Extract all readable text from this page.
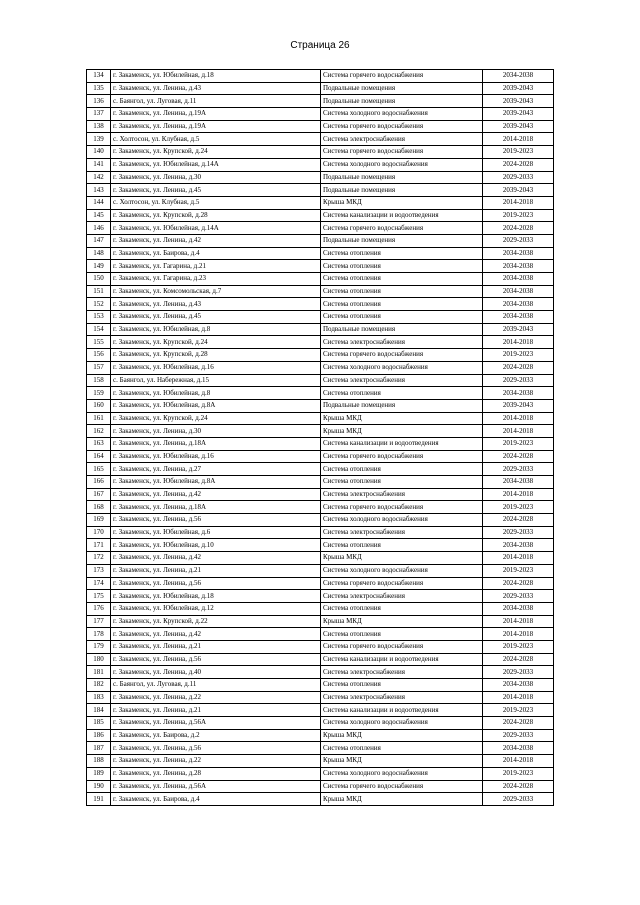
Страница 26
134	г. Закаменск, ул. Юбилейная, д.18	Система горячего водоснабжения	2034-2038
135	г. Закаменск, ул. Ленина, д.43	Подвальные помещения	2039-2043
136	с. Баянгол, ул. Луговая, д.11	Подвальные помещения	2039-2043
137	г. Закаменск, ул. Ленина, д.19А	Система холодного водоснабжения	2039-2043
138	г. Закаменск, ул. Ленина, д.19А	Система горячего водоснабжения	2039-2043
139	с. Холтосон, ул. Клубная, д.5	Система электроснабжения	2014-2018
140	г. Закаменск, ул. Крупской, д.24	Система горячего водоснабжения	2019-2023
141	г. Закаменск, ул. Юбилейная, д.14А	Система холодного водоснабжения	2024-2028
142	г. Закаменск, ул. Ленина, д.30	Подвальные помещения	2029-2033
143	г. Закаменск, ул. Ленина, д.45	Подвальные помещения	2039-2043
144	с. Холтосон, ул. Клубная, д.5	Крыша МКД	2014-2018
145	г. Закаменск, ул. Крупской, д.28	Система канализации и водоотведения	2019-2023
146	г. Закаменск, ул. Юбилейная, д.14А	Система горячего водоснабжения	2024-2028
147	г. Закаменск, ул. Ленина, д.42	Подвальные помещения	2029-2033
148	г. Закаменск, ул. Баирова, д.4	Система отопления	2034-2038
149	г. Закаменск, ул. Гагарина, д.21	Система отопления	2034-2038
150	г. Закаменск, ул. Гагарина, д.23	Система отопления	2034-2038
151	г. Закаменск, ул. Комсомольская, д.7	Система отопления	2034-2038
152	г. Закаменск, ул. Ленина, д.43	Система отопления	2034-2038
153	г. Закаменск, ул. Ленина, д.45	Система отопления	2034-2038
154	г. Закаменск, ул. Юбилейная, д.8	Подвальные помещения	2039-2043
155	г. Закаменск, ул. Крупской, д.24	Система электроснабжения	2014-2018
156	г. Закаменск, ул. Крупской, д.28	Система горячего водоснабжения	2019-2023
157	г. Закаменск, ул. Юбилейная, д.16	Система холодного водоснабжения	2024-2028
158	с. Баянгол, ул. Набережная, д.15	Система электроснабжения	2029-2033
159	г. Закаменск, ул. Юбилейная, д.8	Система отопления	2034-2038
160	г. Закаменск, ул. Юбилейная, д.8А	Подвальные помещения	2039-2043
161	г. Закаменск, ул. Крупской, д.24	Крыша МКД	2014-2018
162	г. Закаменск, ул. Ленина, д.30	Крыша МКД	2014-2018
163	г. Закаменск, ул. Ленина, д.18А	Система канализации и водоотведения	2019-2023
164	г. Закаменск, ул. Юбилейная, д.16	Система горячего водоснабжения	2024-2028
165	г. Закаменск, ул. Ленина, д.27	Система отопления	2029-2033
166	г. Закаменск, ул. Юбилейная, д.8А	Система отопления	2034-2038
167	г. Закаменск, ул. Ленина, д.42	Система электроснабжения	2014-2018
168	г. Закаменск, ул. Ленина, д.18А	Система горячего водоснабжения	2019-2023
169	г. Закаменск, ул. Ленина, д.56	Система холодного водоснабжения	2024-2028
170	г. Закаменск, ул. Юбилейная, д.6	Система электроснабжения	2029-2033
171	г. Закаменск, ул. Юбилейная, д.10	Система отопления	2034-2038
172	г. Закаменск, ул. Ленина, д.42	Крыша МКД	2014-2018
173	г. Закаменск, ул. Ленина, д.21	Система холодного водоснабжения	2019-2023
174	г. Закаменск, ул. Ленина, д.56	Система горячего водоснабжения	2024-2028
175	г. Закаменск, ул. Юбилейная, д.18	Система электроснабжения	2029-2033
176	г. Закаменск, ул. Юбилейная, д.12	Система отопления	2034-2038
177	г. Закаменск, ул. Крупской, д.22	Крыша МКД	2014-2018
178	г. Закаменск, ул. Ленина, д.42	Система отопления	2014-2018
179	г. Закаменск, ул. Ленина, д.21	Система горячего водоснабжения	2019-2023
180	г. Закаменск, ул. Ленина, д.56	Система канализации и водоотведения	2024-2028
181	г. Закаменск, ул. Ленина, д.40	Система электроснабжения	2029-2033
182	с. Баянгол, ул. Луговая, д.11	Система отопления	2034-2038
183	г. Закаменск, ул. Ленина, д.22	Система электроснабжения	2014-2018
184	г. Закаменск, ул. Ленина, д.21	Система канализации и водоотведения	2019-2023
185	г. Закаменск, ул. Ленина, д.56А	Система холодного водоснабжения	2024-2028
186	г. Закаменск, ул. Баирова, д.2	Крыша МКД	2029-2033
187	г. Закаменск, ул. Ленина, д.56	Система отопления	2034-2038
188	г. Закаменск, ул. Ленина, д.22	Крыша МКД	2014-2018
189	г. Закаменск, ул. Ленина, д.28	Система холодного водоснабжения	2019-2023
190	г. Закаменск, ул. Ленина, д.56А	Система горячего водоснабжения	2024-2028
191	г. Закаменск, ул. Баирова, д.4	Крыша МКД	2029-2033
